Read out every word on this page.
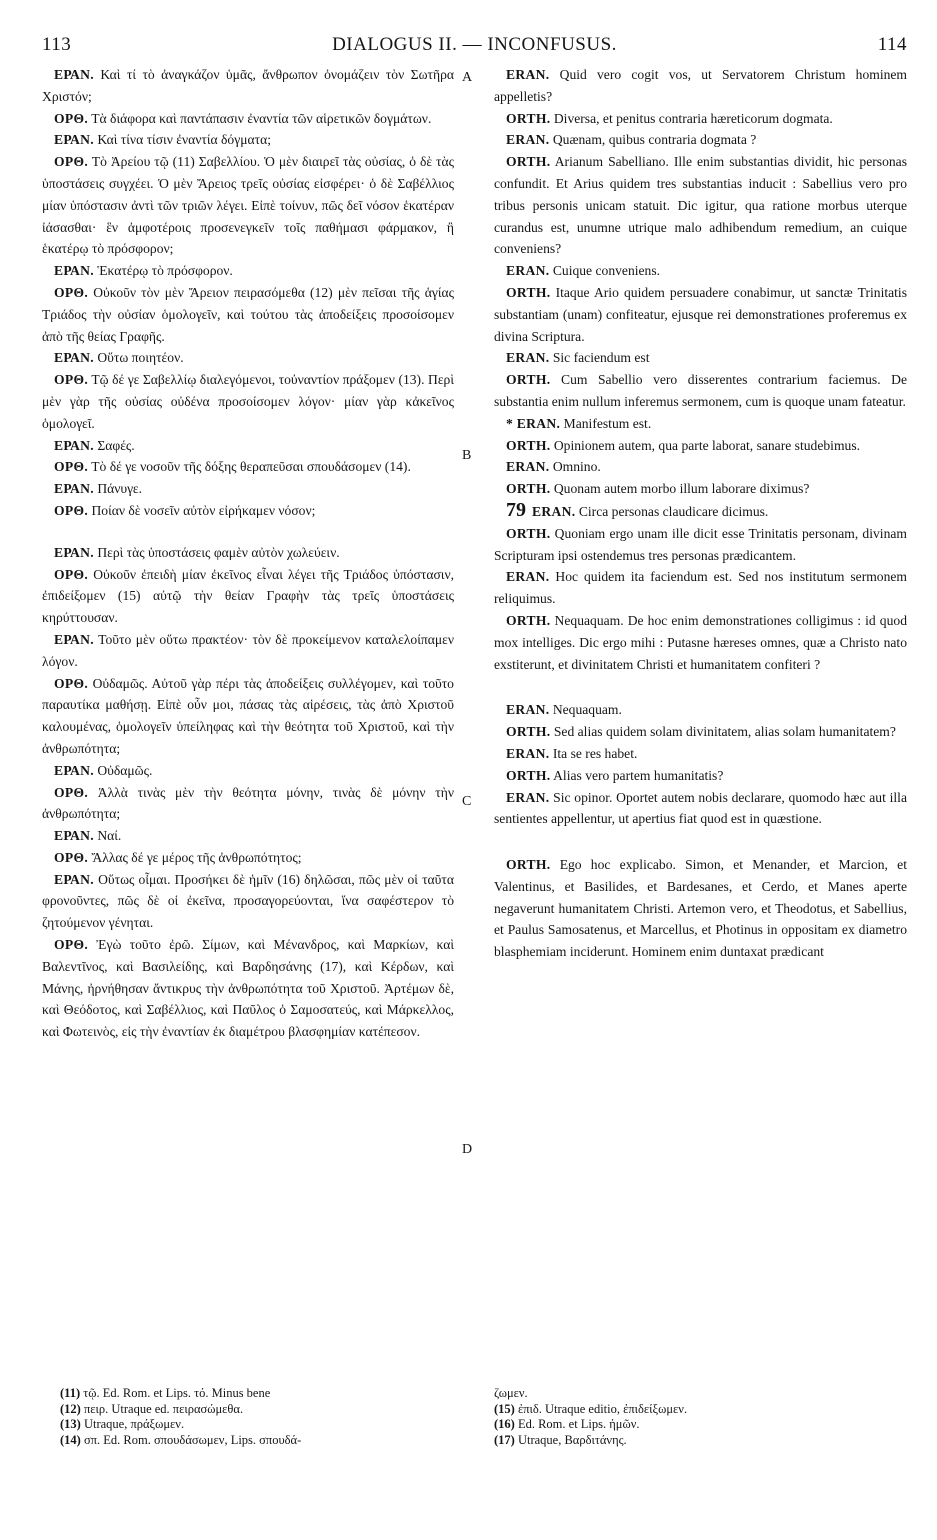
113	DIALOGUS II. — INCONFUSUS.	114

ΕΡΑΝ. Καὶ τί τὸ ἀναγκάζον ὑμᾶς, ἄνθρωπον ὀνομάζειν τὸν Σωτῆρα Χριστόν;

ΟΡΘ. Τὰ διάφορα καὶ παντάπασιν ἐναντία τῶν αἱρετικῶν δογμάτων.

ΕΡΑΝ. Καὶ τίνα τίσιν ἐναντία δόγματα;

ΟΡΘ. Τὸ Ἀρείου τῷ (11) Σαβελλίου. Ὁ μὲν διαιρεῖ τὰς οὐσίας, ὁ δὲ τὰς ὑποστάσεις συγχέει. Ὁ μὲν Ἄρειος τρεῖς οὐσίας εἰσφέρει· ὁ δὲ Σαβέλλιος μίαν ὑπόστασιν ἀντὶ τῶν τριῶν λέγει. Εἰπὲ τοίνυν, πῶς δεῖ νόσον ἑκατέραν ἰάσασθαι· ἓν ἀμφοτέροις προσενεγκεῖν τοῖς παθήμασι φάρμακον, ἢ ἑκατέρῳ τὸ πρόσφορον;

ΕΡΑΝ. Ἑκατέρῳ τὸ πρόσφορον.

ΟΡΘ. Οὐκοῦν τὸν μὲν Ἄρειον πειρασόμεθα (12) μὲν πεῖσαι τῆς ἁγίας Τριάδος τὴν οὐσίαν ὁμολογεῖν, καὶ τούτου τὰς ἀποδείξεις προσοίσομεν ἀπὸ τῆς θείας Γραφῆς.

ΕΡΑΝ. Οὕτω ποιητέον.

ΟΡΘ. Τῷ δέ γε Σαβελλίῳ διαλεγόμενοι, τοὐναντίον πράξομεν (13). Περὶ μὲν γὰρ τῆς οὐσίας οὐδένα προσοίσομεν λόγον· μίαν γὰρ κἀκεῖνος ὁμολογεῖ.

ΕΡΑΝ. Σαφές.

ΟΡΘ. Τὸ δέ γε νοσοῦν τῆς δόξης θεραπεῦσαι σπουδάσομεν (14).

ΕΡΑΝ. Πάνυγε.

ΟΡΘ. Ποίαν δὲ νοσεῖν αὐτὸν εἰρήκαμεν νόσον;

ΕΡΑΝ. Περὶ τὰς ὑποστάσεις φαμὲν αὐτὸν χωλεύειν.

ΟΡΘ. Οὐκοῦν ἐπειδὴ μίαν ἐκεῖνος εἶναι λέγει τῆς Τριάδος ὑπόστασιν, ἐπιδείξομεν (15) αὐτῷ τὴν θείαν Γραφὴν τὰς τρεῖς ὑποστάσεις κηρύττουσαν.

ΕΡΑΝ. Τοῦτο μὲν οὕτω πρακτέον· τὸν δὲ προκείμενον καταλελοίπαμεν λόγον.

ΟΡΘ. Οὐδαμῶς. Αὐτοῦ γὰρ πέρι τὰς ἀποδείξεις συλλέγομεν, καὶ τοῦτο παραυτίκα μαθήσῃ. Εἰπὲ οὖν μοι, πάσας τὰς αἱρέσεις, τὰς ἀπὸ Χριστοῦ καλουμένας, ὁμολογεῖν ὑπείληφας καὶ τὴν θεότητα τοῦ Χριστοῦ, καὶ τὴν ἀνθρωπότητα;

ΕΡΑΝ. Οὐδαμῶς.

ΟΡΘ. Ἀλλὰ τινὰς μὲν τὴν θεότητα μόνην, τινὰς δὲ μόνην τὴν ἀνθρωπότητα;

ΕΡΑΝ. Ναί.

ΟΡΘ. Ἄλλας δέ γε μέρος τῆς ἀνθρωπότητος;

ΕΡΑΝ. Οὕτως οἶμαι. Προσήκει δὲ ἡμῖν (16) δηλῶσαι, πῶς μὲν οἱ ταῦτα φρονοῦντες, πῶς δὲ οἱ ἐκεῖνα, προσαγορεύονται, ἵνα σαφέστερον τὸ ζητούμενον γένηται.

ΟΡΘ. Ἐγὼ τοῦτο ἐρῶ. Σίμων, καὶ Μένανδρος, καὶ Μαρκίων, καὶ Βαλεντῖνος, καὶ Βασιλείδης, καὶ Βαρδησάνης (17), καὶ Κέρδων, καὶ Μάνης, ἠρνήθησαν ἄντικρυς τὴν ἀνθρωπότητα τοῦ Χριστοῦ. Ἀρτέμων δὲ, καὶ Θεόδοτος, καὶ Σαβέλλιος, καὶ Παῦλος ὁ Σαμοσατεύς, καὶ Μάρκελλος, καὶ Φωτεινὸς, εἰς τὴν ἐναντίαν ἐκ διαμέτρου βλασφημίαν κατέπεσον.

ERAN. Quid vero cogit vos, ut Servatorem Christum hominem appelletis?

ORTH. Diversa, et penitus contraria hæreticorum dogmata.

ERAN. Quænam, quibus contraria dogmata ?

ORTH. Arianum Sabelliano. Ille enim substantias dividit, hic personas confundit. Et Arius quidem tres substantias inducit : Sabellius vero pro tribus personis unicam statuit. Dic igitur, qua ratione morbus uterque curandus est, unumne utrique malo adhibendum remedium, an cuique conveniens?

ERAN. Cuique conveniens.

ORTH. Itaque Ario quidem persuadere conabimur, ut sanctæ Trinitatis substantiam (unam) confiteatur, ejusque rei demonstrationes proferemus ex divina Scriptura.

ERAN. Sic faciendum est

ORTH. Cum Sabellio vero disserentes contrarium faciemus. De substantia enim nullum inferemus sermonem, cum is quoque unam fateatur.

* ERAN. Manifestum est.

ORTH. Opinionem autem, qua parte laborat, sanare studebimus.

ERAN. Omnino.

ORTH. Quonam autem morbo illum laborare diximus?

79 ERAN. Circa personas claudicare dicimus.

ORTH. Quoniam ergo unam ille dicit esse Trinitatis personam, divinam Scripturam ipsi ostendemus tres personas prædicantem.

ERAN. Hoc quidem ita faciendum est. Sed nos institutum sermonem reliquimus.

ORTH. Nequaquam. De hoc enim demonstrationes colligimus : id quod mox intelliges. Dic ergo mihi : Putasne hæreses omnes, quæ a Christo nato exstiterunt, et divinitatem Christi et humanitatem confiteri ?

ERAN. Nequaquam.

ORTH. Sed alias quidem solam divinitatem, alias solam humanitatem?

ERAN. Ita se res habet.

ORTH. Alias vero partem humanitatis?

ERAN. Sic opinor. Oportet autem nobis declarare, quomodo hæc aut illa sentientes appellentur, ut apertius fiat quod est in quæstione.

ORTH. Ego hoc explicabo. Simon, et Menander, et Marcion, et Valentinus, et Basilides, et Bardesanes, et Cerdo, et Manes aperte negaverunt humanitatem Christi. Artemon vero, et Theodotus, et Sabellius, et Paulus Samosatenus, et Marcellus, et Photinus in oppositam ex diametro blasphemiam inciderunt. Hominem enim duntaxat prædicant

A
B
C
D

(11) τῷ. Ed. Rom. et Lips. τό. Minus bene

(12) πειρ. Utraque ed. πειρασώμεθα.

(13) Utraque, πράξωμεν.

(14) σπ. Ed. Rom. σπουδάσωμεν, Lips. σπουδά-

ζωμεν.

(15) ἐπιδ. Utraque editio, ἐπιδείξωμεν.

(16) Ed. Rom. et Lips. ἡμῶν.

(17) Utraque, Βαρδιτάνης.
